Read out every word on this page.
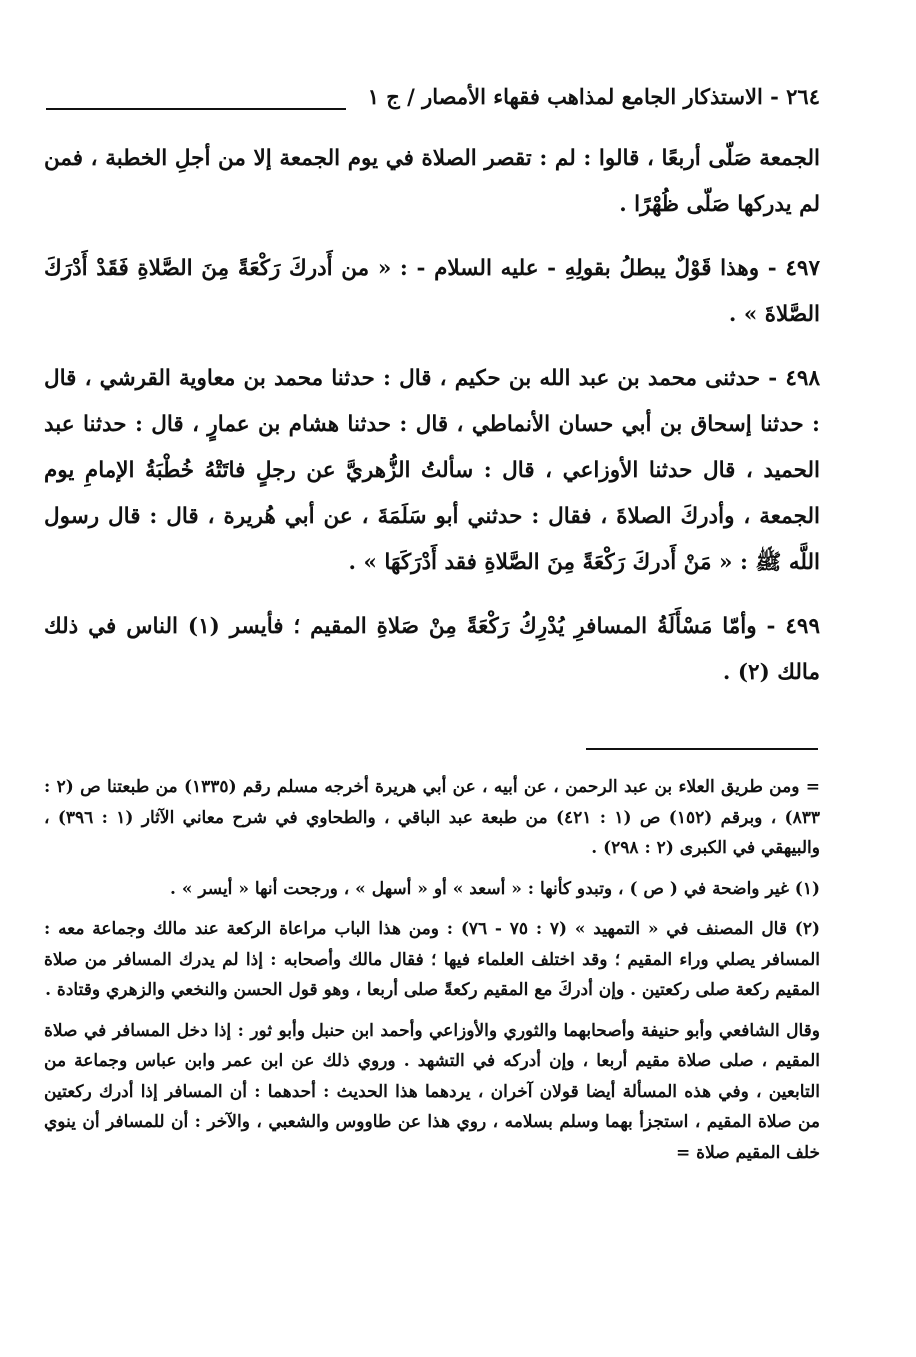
٢٦٤ - الاستذكار الجامع لمذاهب فقهاء الأمصار / ج ١

الجمعة صَلّى أربعًا ، قالوا : لم : تقصر الصلاة في يوم الجمعة إلا من أجلِ الخطبة ، فمن لم يدركها صَلّى ظُهْرًا .

٤٩٧ - وهذا قَوْلٌ يبطلُ بقولِهِ - عليه السلام - : « من أَدركَ رَكْعَةً مِنَ الصَّلاةِ فَقَدْ أَدْرَكَ الصَّلاةَ » .

٤٩٨ - حدثنى محمد بن عبد الله بن حكيم ، قال : حدثنا محمد بن معاوية القرشي ، قال : حدثنا إسحاق بن أبي حسان الأنماطي ، قال : حدثنا هشام بن عمارٍ ، قال : حدثنا عبد الحميد ، قال حدثنا الأوزاعي ، قال : سألتُ الزُّهريَّ عن رجلٍ فاتَتْهُ خُطْبَةُ الإمامِ يوم الجمعة ، وأدركَ الصلاةَ ، فقال : حدثني أبو سَلَمَةَ ، عن أبي هُريرة ، قال : قال رسول اللَّه ﷺ : « مَنْ أَدركَ رَكْعَةً مِنَ الصَّلاةِ فقد أَدْرَكَهَا » .

٤٩٩ - وأمّا مَسْأَلَةُ المسافرِ يُدْرِكُ رَكْعَةً مِنْ صَلاةِ المقيم ؛ فأيسر (١) الناس في ذلك مالك (٢) .

= ومن طريق العلاء بن عبد الرحمن ، عن أبيه ، عن أبي هريرة أخرجه مسلم رقم (١٣٣٥) من طبعتنا ص (٢ : ٨٣٣) ، وبرقم (١٥٢) ص (١ : ٤٢١) من طبعة عبد الباقي ، والطحاوي في شرح معاني الآثار (١ : ٣٩٦) ، والبيهقي في الكبرى (٢ : ٢٩٨) .

(١) غير واضحة في ( ص ) ، وتبدو كأنها : « أسعد » أو « أسهل » ، ورجحت أنها « أيسر » .

(٢) قال المصنف في « التمهيد » (٧ : ٧٥ - ٧٦) : ومن هذا الباب مراعاة الركعة عند مالك وجماعة معه : المسافر يصلي وراء المقيم ؛ وقد اختلف العلماء فيها ؛ فقال مالك وأصحابه : إذا لم يدرك المسافر من صلاة المقيم ركعة صلى ركعتين . وإن أدركَ مع المقيم ركعةً صلى أربعا ، وهو قول الحسن والنخعي والزهري وقتادة .

وقال الشافعي وأبو حنيفة وأصحابهما والثوري والأوزاعي وأحمد ابن حنبل وأبو ثور : إذا دخل المسافر في صلاة المقيم ، صلى صلاة مقيم أربعا ، وإن أدركه في التشهد . وروي ذلك عن ابن عمر وابن عباس وجماعة من التابعين ، وفي هذه المسألة أيضا قولان آخران ، يردهما هذا الحديث : أحدهما : أن المسافر إذا أدرك ركعتين من صلاة المقيم ، استجزأ بهما وسلم بسلامه ، روي هذا عن طاووس والشعبي ، والآخر : أن للمسافر أن ينوي خلف المقيم صلاة =
